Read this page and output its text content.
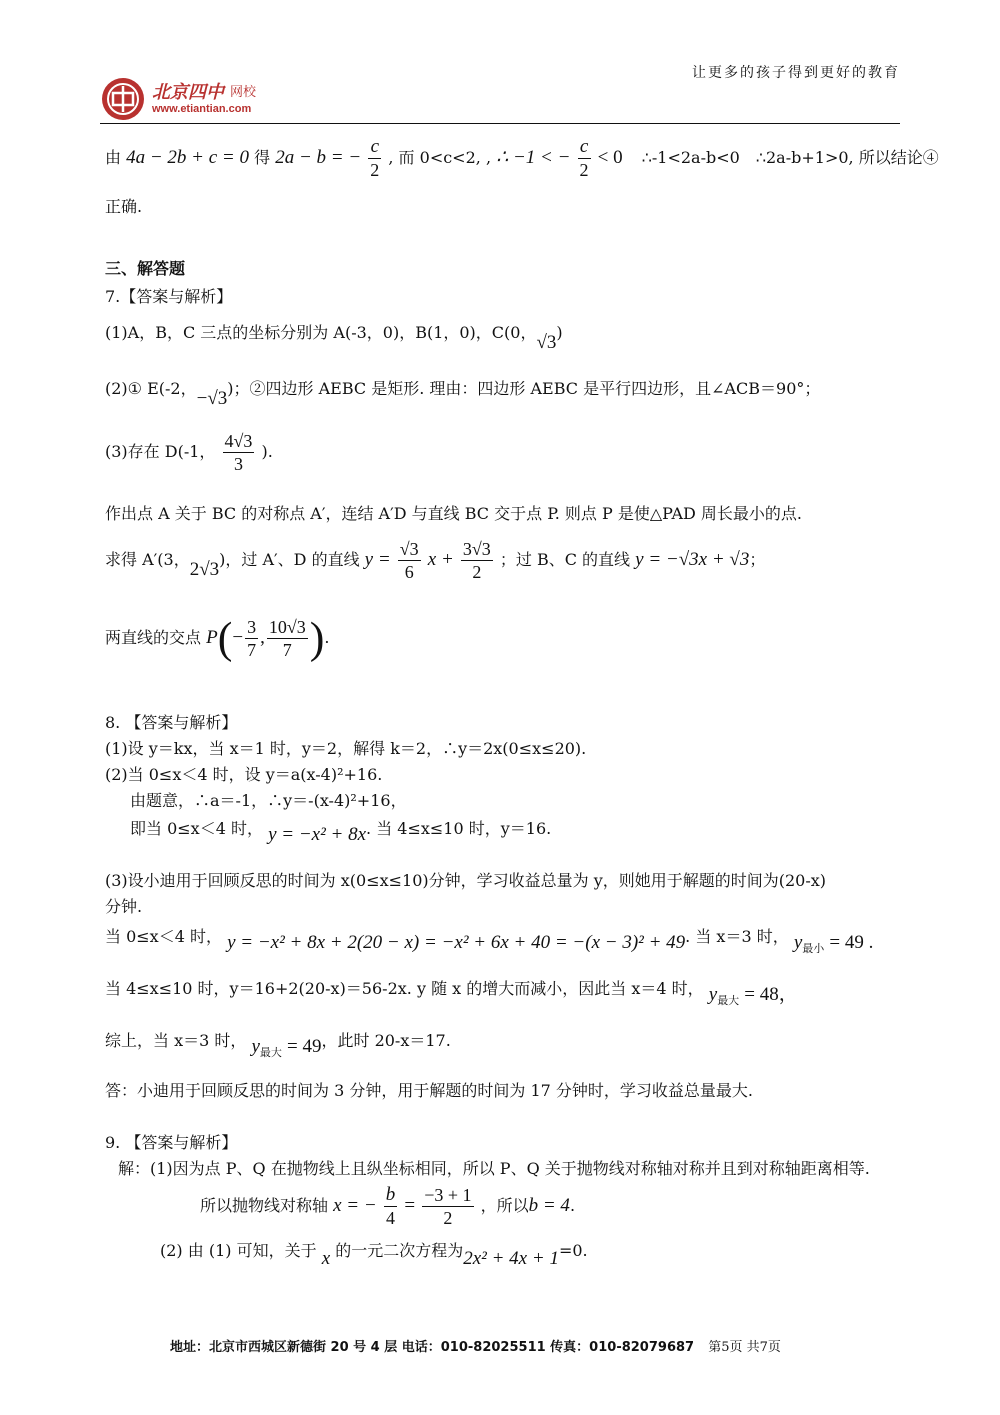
北京四中 网校
www.etiantian.com
让更多的孩子得到更好的教育
由 4a − 2b + c = 0 得 2a − b = − $\frac{c}{2}$ , 而 0<c<2, , ∴ −1 < − $\frac{c}{2} < 0$ ∴-1<2a-b<0　∴2a-b+1>0, 所以结论④
正确.
三、解答题
7.【答案与解析】
(1)A，B，C 三点的坐标分别为 A(-3，0)，B(1，0)，C(0，√3)
(2)① E(-2，−√3)；②四边形 AEBC 是矩形. 理由：四边形 AEBC 是平行四边形，且∠ACB＝90°；
(3)存在 D(-1， $\frac{4√3}{3}$ ).
作出点 A 关于 BC 的对称点 A′，连结 A′D 与直线 BC 交于点 P. 则点 P 是使△PAD 周长最小的点.
求得 A′(3，2√3)，过 A′、D 的直线 $y = \frac{√3}{6}$ $x + \frac{3√3}{2}$ ；过 B、C 的直线 y = −√3x + √3；
两直线的交点 $P(- \frac{3}{7}$ , $\frac{10√3}{7}$ ).
8. 【答案与解析】
(1)设 y＝kx，当 x＝1 时，y＝2，解得 k＝2，∴y＝2x(0≤x≤20).
(2)当 0≤x＜4 时，设 y＝a(x-4)²+16.
由题意，∴a＝-1，∴y＝-(x-4)²+16，
即当 0≤x＜4 时， y = −x² + 8x. 当 4≤x≤10 时，y＝16.
(3)设小迪用于回顾反思的时间为 x(0≤x≤10)分钟，学习收益总量为 y，则她用于解题的时间为(20-x)
分钟.
当 0≤x＜4 时， y = −x² + 8x + 2(20 − x) = −x² + 6x + 40 = −(x − 3)² + 49. 当 x＝3 时， $y_{最小} = 49$ .
当 4≤x≤10 时，y＝16+2(20-x)＝56-2x. y 随 x 的增大而减小，因此当 x＝4 时， $y_{最大} = 48$，
综上，当 x＝3 时， $y_{最大} = 49$，此时 20-x＝17.
答：小迪用于回顾反思的时间为 3 分钟，用于解题的时间为 17 分钟时，学习收益总量最大.
9. 【答案与解析】
解：(1)因为点 P、Q 在抛物线上且纵坐标相同，所以 P、Q 关于抛物线对称轴对称并且到对称轴距离相等.
所以抛物线对称轴 x = − $\frac{b}{4} = \frac{-3 + 1}{2}$ ，所以b = 4.
(2) 由 (1) 可知，关于 x 的一元二次方程为2x² + 4x + 1=0.
地址：北京市西城区新德街 20 号 4 层 电话：010-82025511 传真：010-82079687 第5页 共7页
